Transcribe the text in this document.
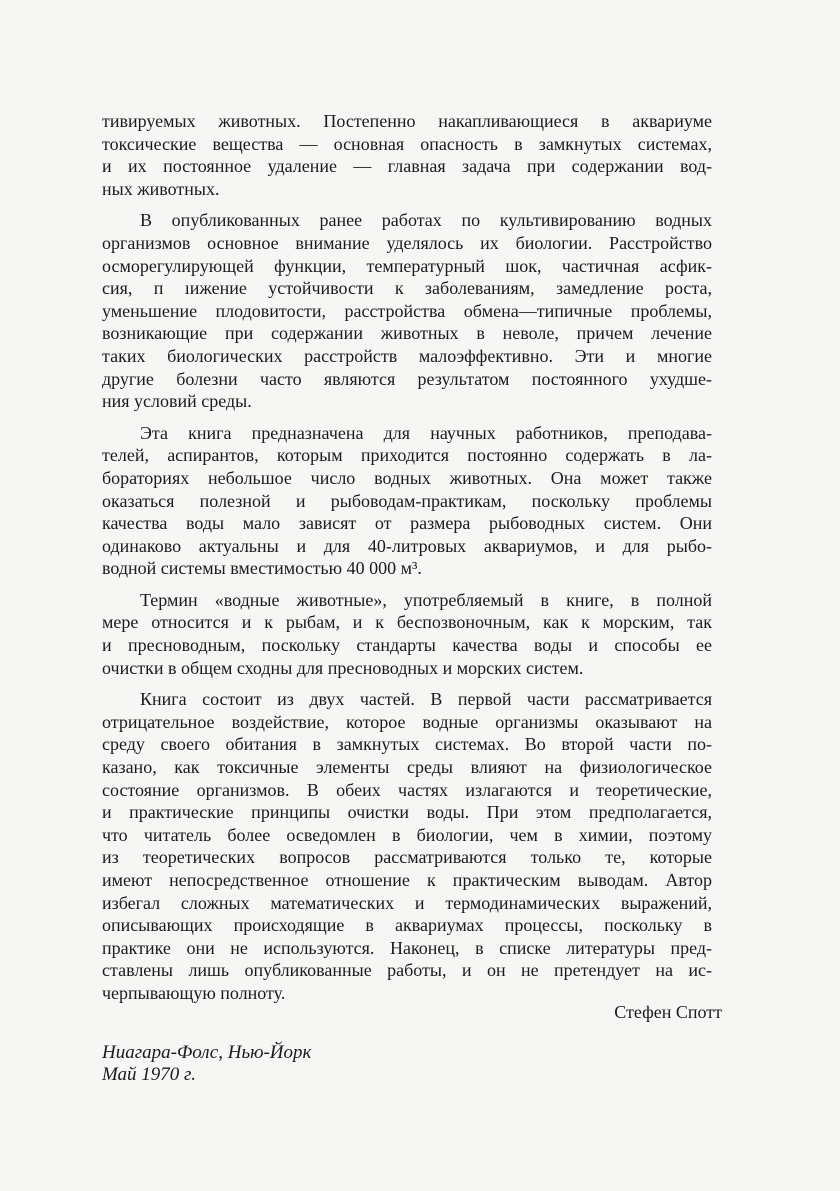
тивируемых животных. Постепенно накапливающиеся в аквариуме
токсические вещества — основная опасность в замкнутых системах,
и их постоянное удаление — главная задача при содержании вод-
ных животных.
В опубликованных ранее работах по культивированию водных
организмов основное внимание уделялось их биологии. Расстройство
осморегулирующей функции, температурный шок, частичная асфик-
сия, п ıижение устойчивости к заболеваниям, замедление роста,
уменьшение плодовитости, расстройства обмена—типичные проблемы,
возникающие при содержании животных в неволе, причем лечение
таких биологических расстройств малоэффективно. Эти и многие
другие болезни часто являются результатом постоянного ухудше-
ния условий среды.
Эта книга предназначена для научных работников, преподава-
телей, аспирантов, которым приходится постоянно содержать в ла-
бораториях небольшое число водных животных. Она может также
оказаться полезной и рыбоводам-практикам, поскольку проблемы
качества воды мало зависят от размера рыбоводных систем. Они
одинаково актуальны и для 40-литровых аквариумов, и для рыбо-
водной системы вместимостью 40 000 м³.
Термин «водные животные», употребляемый в книге, в полной
мере относится и к рыбам, и к беспозвоночным, как к морским, так
и пресноводным, поскольку стандарты качества воды и способы ее
очистки в общем сходны для пресноводных и морских систем.
Книга состоит из двух частей. В первой части рассматривается
отрицательное воздействие, которое водные организмы оказывают на
среду своего обитания в замкнутых системах. Во второй части по-
казано, как токсичные элементы среды влияют на физиологическое
состояние организмов. В обеих частях излагаются и теоретические,
и практические принципы очистки воды. При этом предполагается,
что читатель более осведомлен в биологии, чем в химии, поэтому
из теоретических вопросов рассматриваются только те, которые
имеют непосредственное отношение к практическим выводам. Автор
избегал сложных математических и термодинамических выражений,
описывающих происходящие в аквариумах процессы, поскольку в
практике они не используются. Наконец, в списке литературы пред-
ставлены лишь опубликованные работы, и он не претендует на ис-
черпывающую полноту.
Стефен Спотт
Ниагара-Фолс, Нью-Йорк
Май 1970 г.
